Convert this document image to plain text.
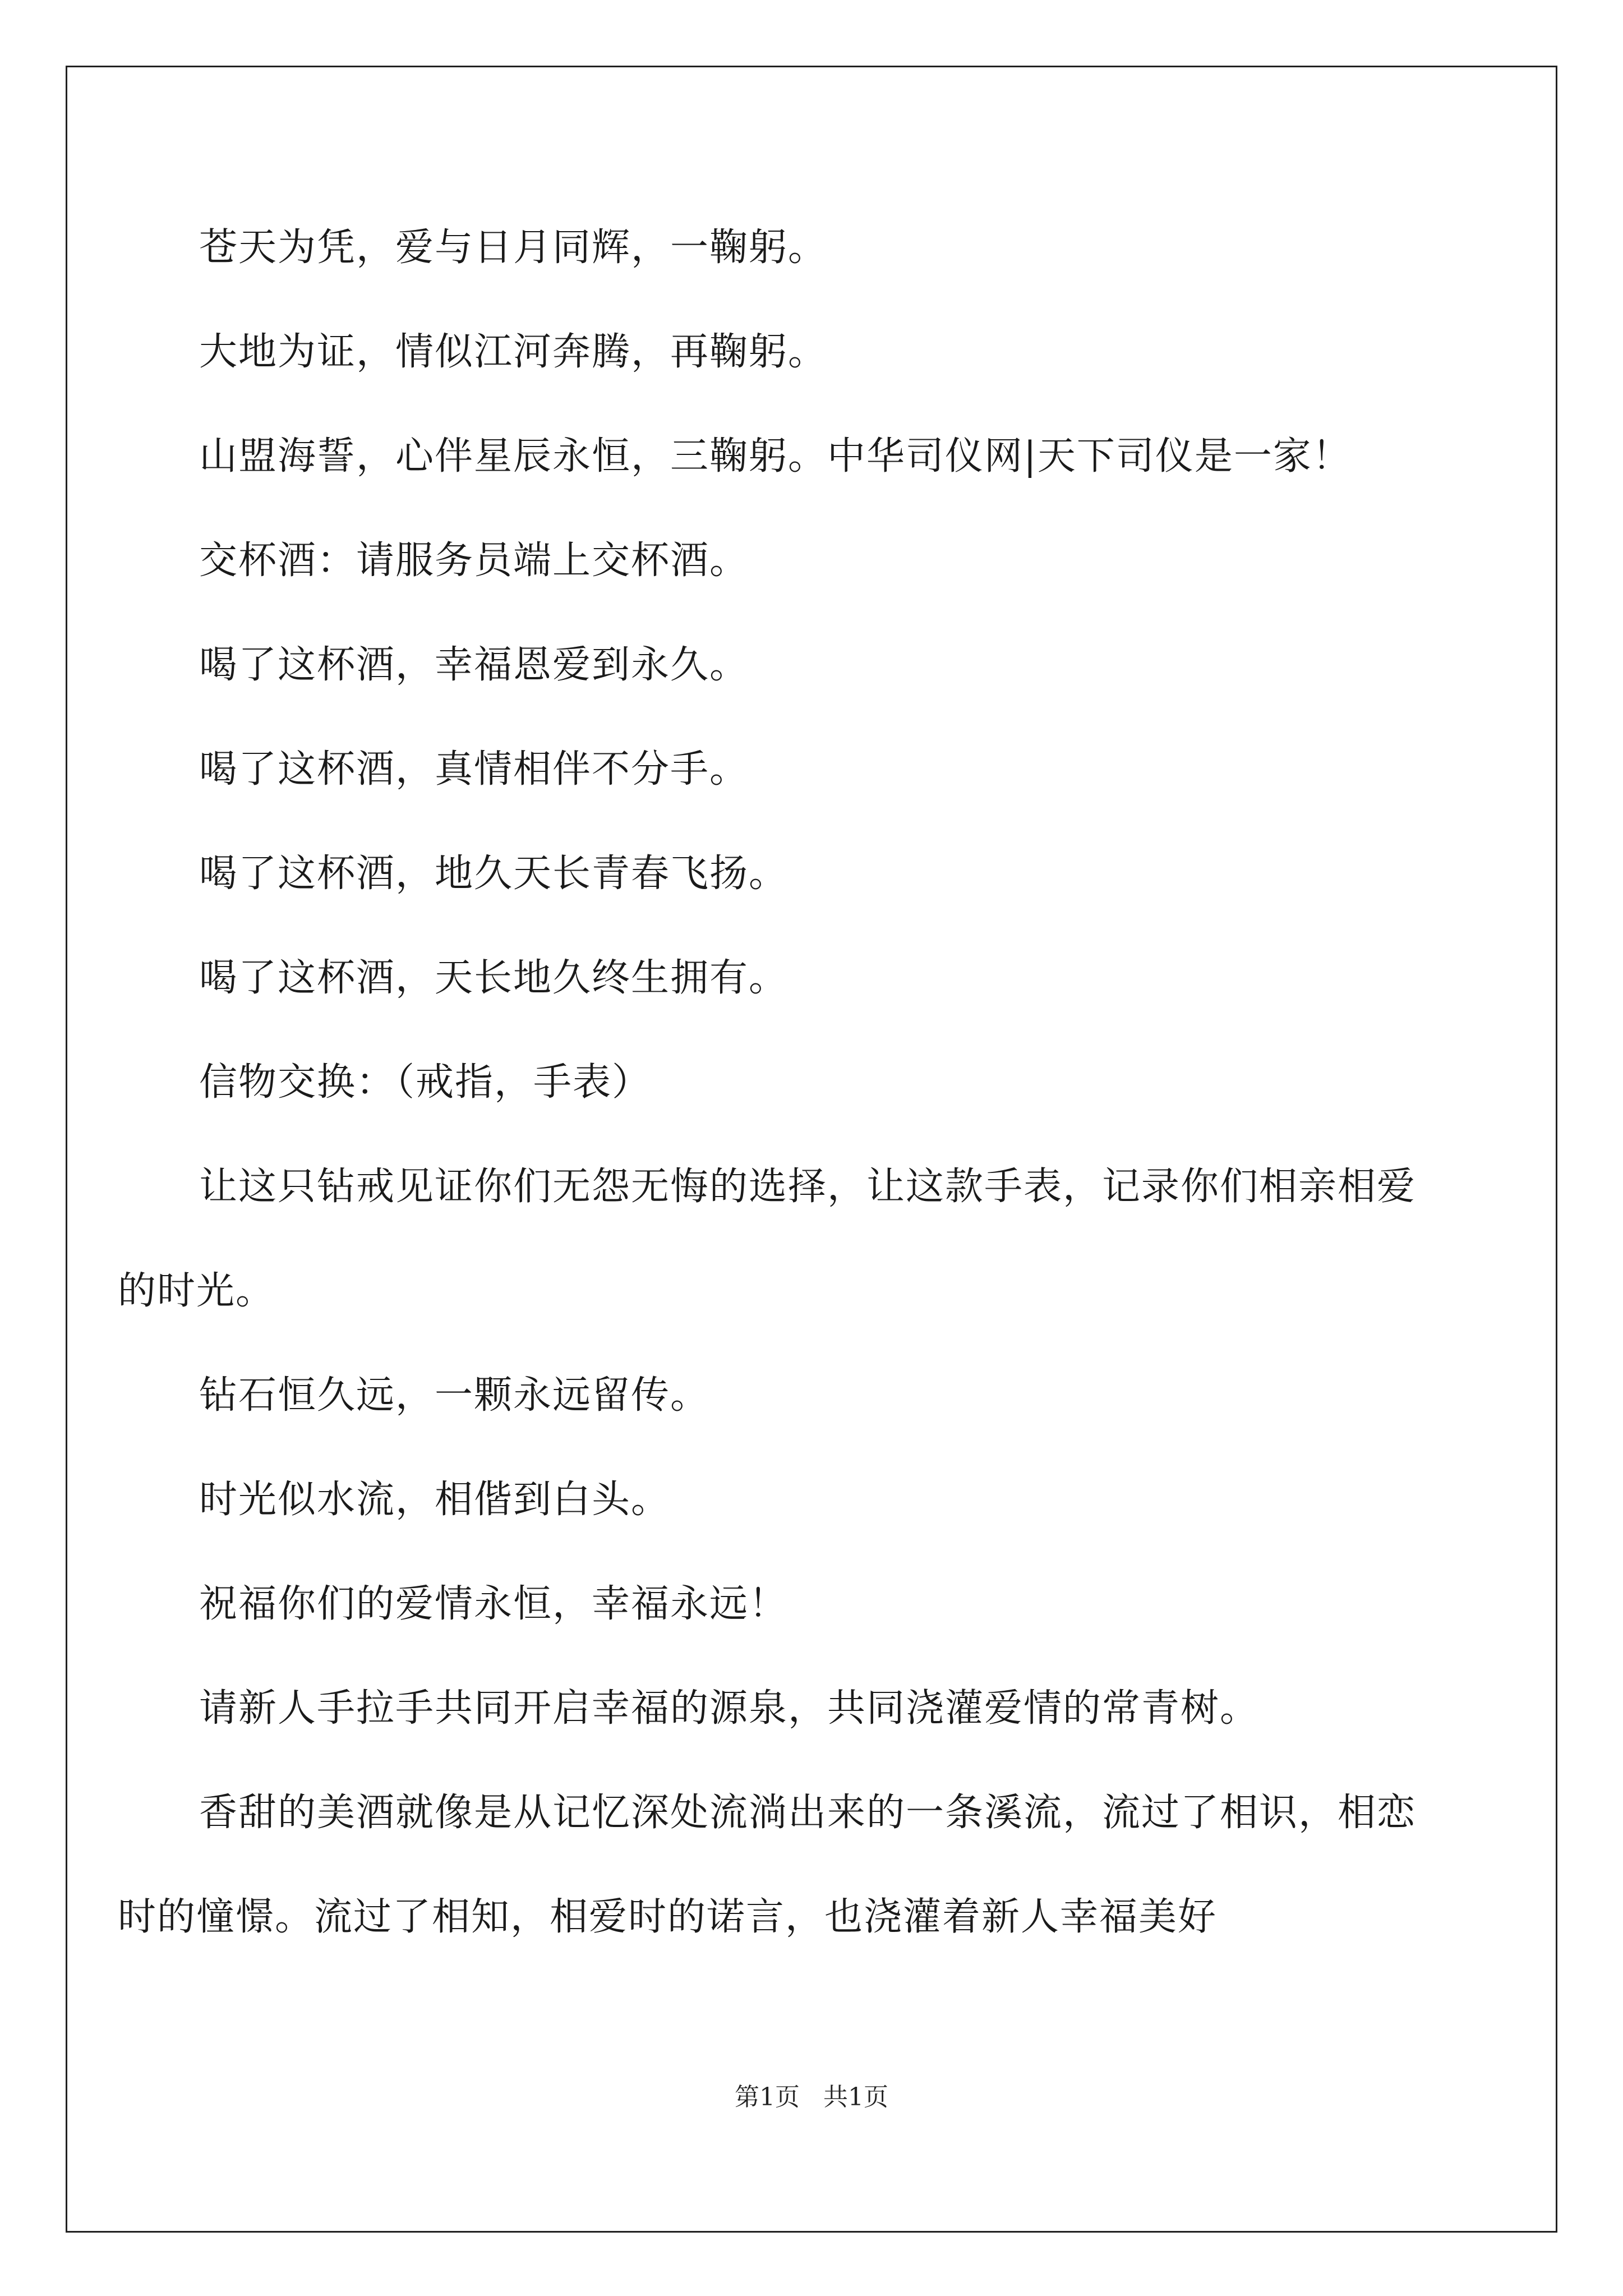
苍天为凭，爱与日月同辉，一鞠躬。

大地为证，情似江河奔腾，再鞠躬。

山盟海誓，心伴星辰永恒，三鞠躬。中华司仪网|天下司仪是一家！

交杯酒：请服务员端上交杯酒。

喝了这杯酒，幸福恩爱到永久。

喝了这杯酒，真情相伴不分手。

喝了这杯酒，地久天长青春飞扬。

喝了这杯酒，天长地久终生拥有。

信物交换：（戒指，手表）

让这只钻戒见证你们无怨无悔的选择，让这款手表，记录你们相亲相爱的时光。

钻石恒久远，一颗永远留传。

时光似水流，相偕到白头。

祝福你们的爱情永恒，幸福永远！

请新人手拉手共同开启幸福的源泉，共同浇灌爱情的常青树。

香甜的美酒就像是从记忆深处流淌出来的一条溪流，流过了相识，相恋时的憧憬。流过了相知，相爱时的诺言，也浇灌着新人幸福美好

第1页 共1页
